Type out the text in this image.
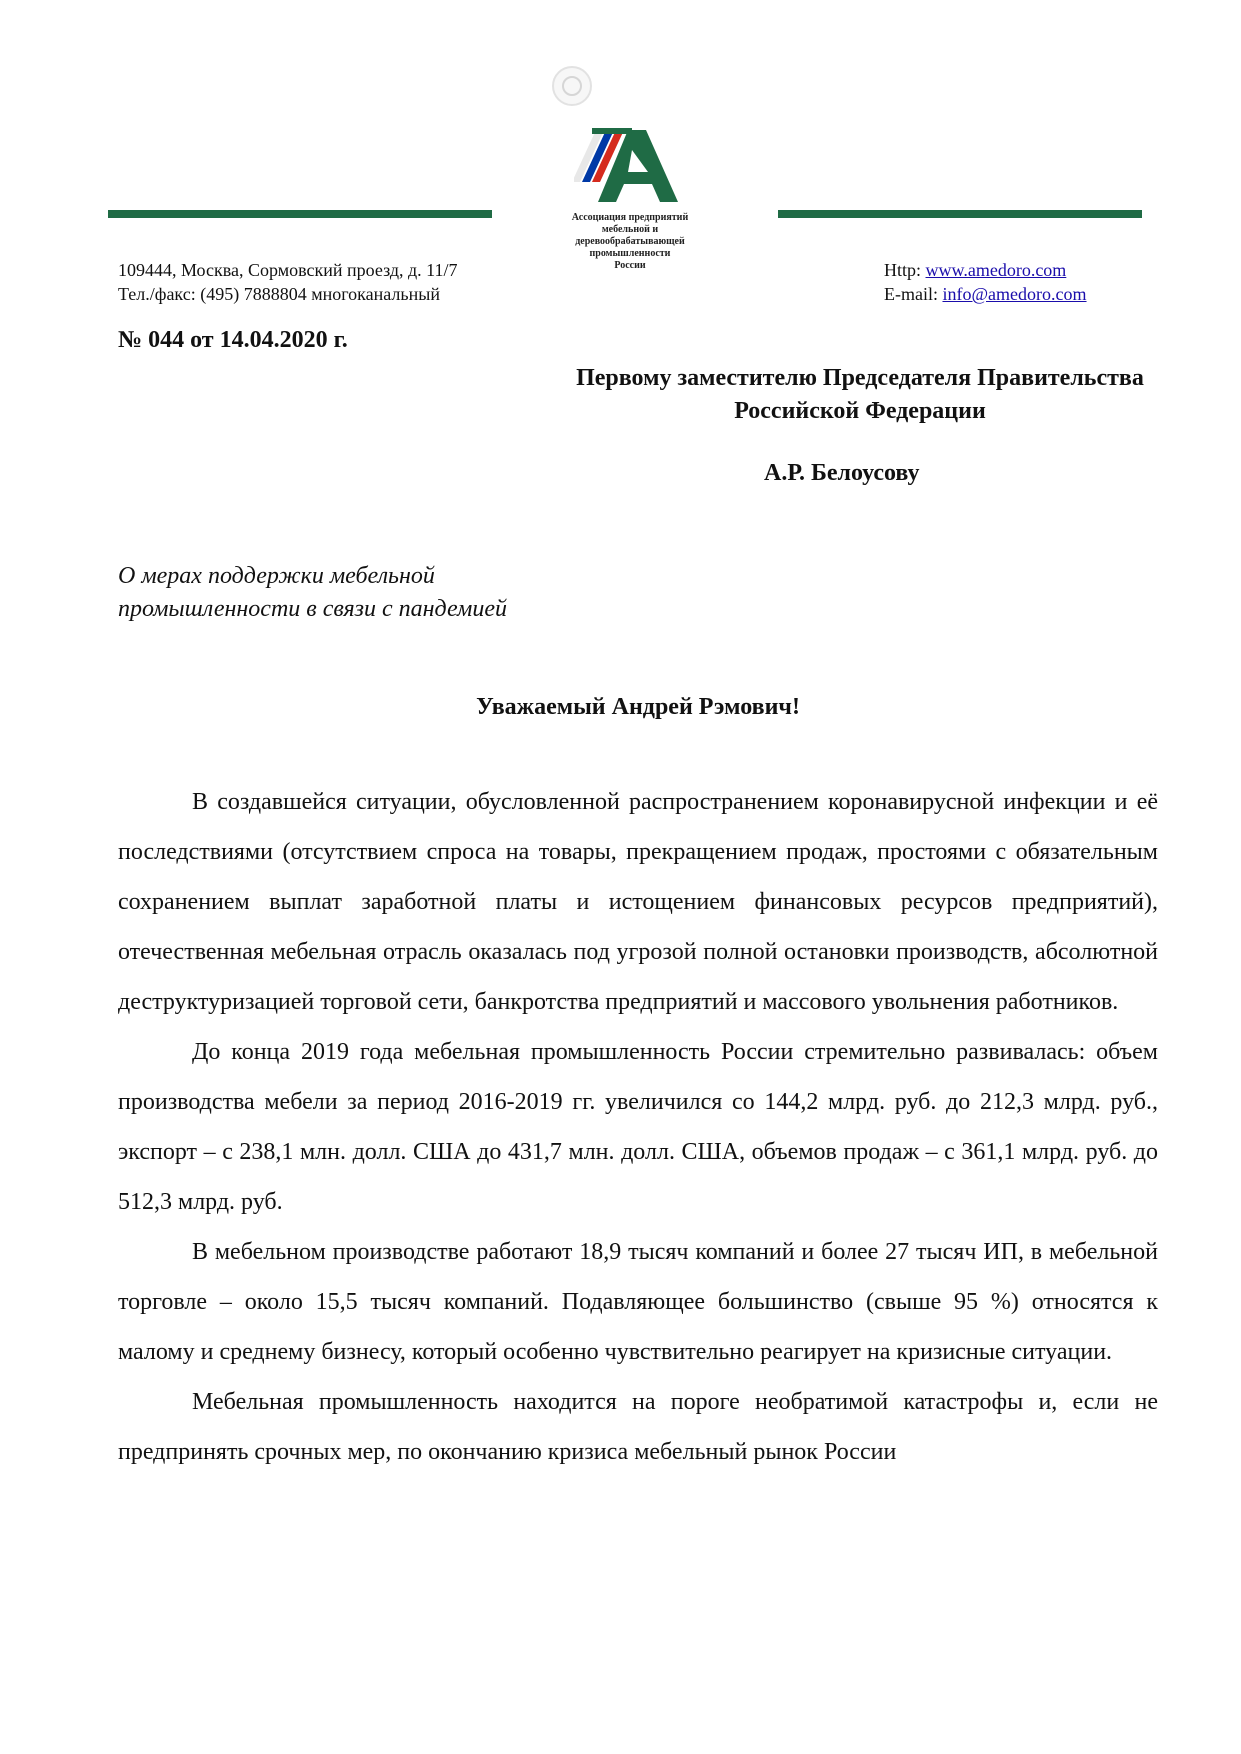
Ассоциация предприятий
мебельной и
деревообрабатывающей
промышленности
России
109444, Москва, Сормовский проезд, д. 11/7
Тел./факс: (495) 7888804 многоканальный
Http: www.amedoro.com
E-mail: info@amedoro.com
№ 044 от 14.04.2020 г.
Первому заместителю Председателя Правительства Российской Федерации
А.Р. Белоусову
О мерах поддержки мебельной
промышленности в связи с пандемией
Уважаемый Андрей Рэмович!

В создавшейся ситуации, обусловленной распространением коронавирусной инфекции и её последствиями (отсутствием спроса на товары, прекращением продаж, простоями с обязательным сохранением выплат заработной платы и истощением финансовых ресурсов предприятий), отечественная мебельная отрасль оказалась под угрозой полной остановки производств, абсолютной деструктуризацией торговой сети, банкротства предприятий и массового увольнения работников.

До конца 2019 года мебельная промышленность России стремительно развивалась: объем производства мебели за период 2016-2019 гг. увеличился со 144,2 млрд. руб. до 212,3 млрд. руб., экспорт – с 238,1 млн. долл. США до 431,7 млн. долл. США, объемов продаж – с 361,1 млрд. руб. до 512,3 млрд. руб.

В мебельном производстве работают 18,9 тысяч компаний и более 27 тысяч ИП, в мебельной торговле – около 15,5 тысяч компаний. Подавляющее большинство (свыше 95 %) относятся к малому и среднему бизнесу, который особенно чувствительно реагирует на кризисные ситуации.

Мебельная промышленность находится на пороге необратимой катастрофы и, если не предпринять срочных мер, по окончанию кризиса мебельный рынок России
